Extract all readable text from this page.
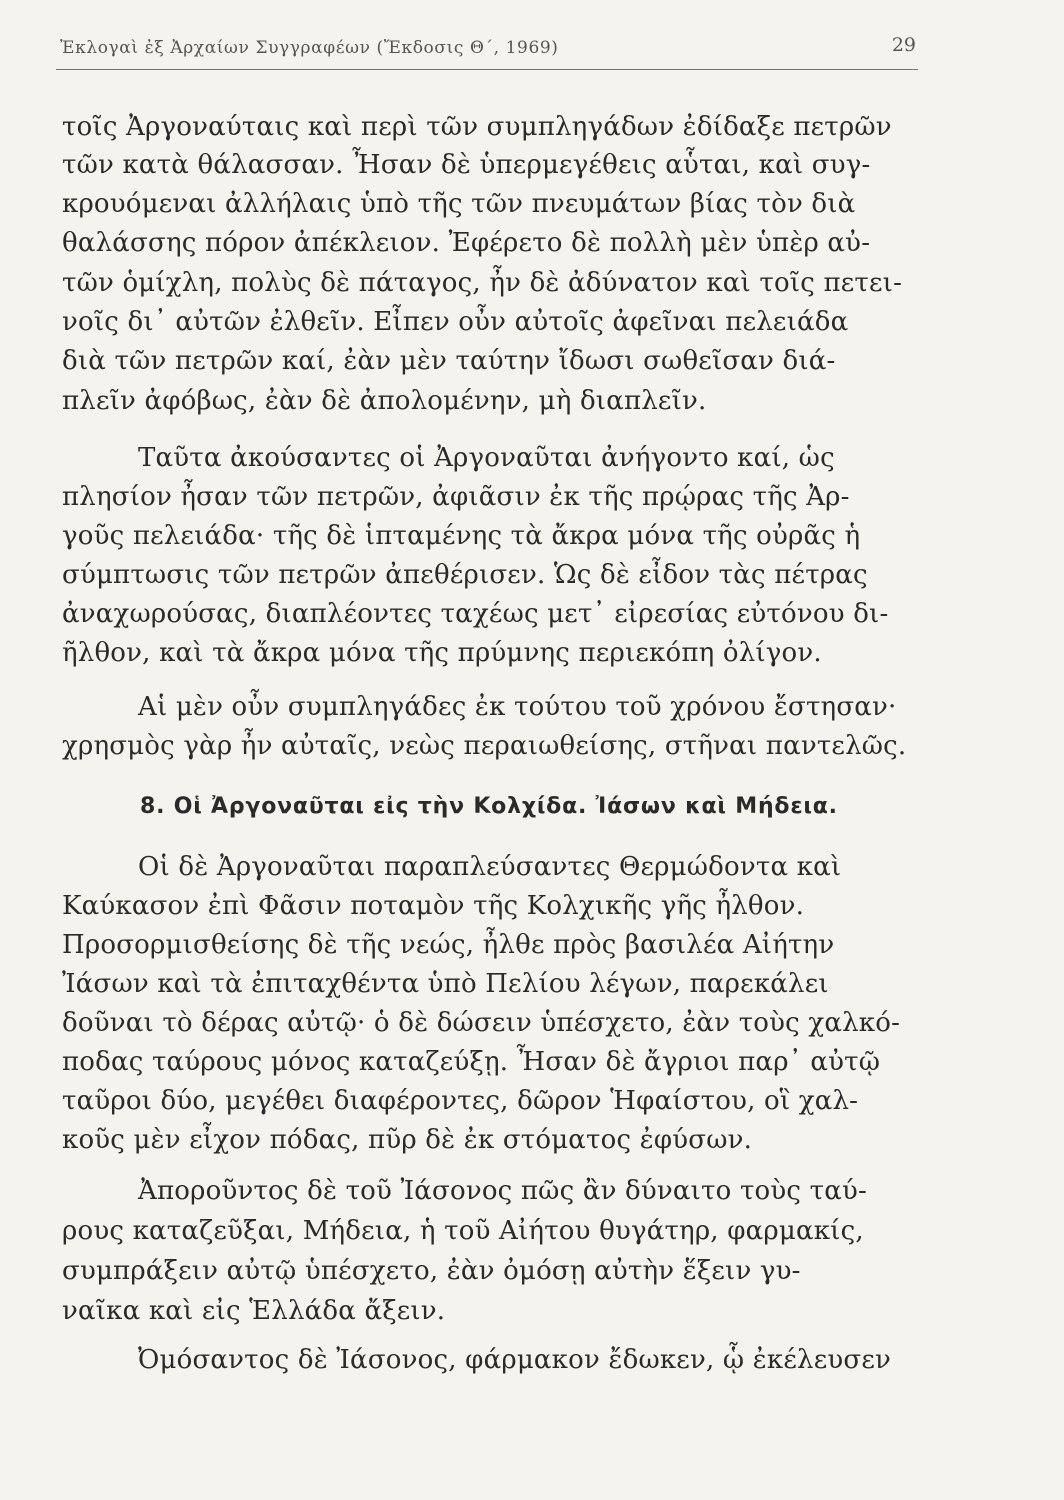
Ἐκλογαὶ ἐξ Ἀρχαίων Συγγραφέων (Ἔκδοσις Θ΄, 1969)	29
τοῖς Ἀργοναύταις καὶ περὶ τῶν συμπληγάδων ἐδίδαξε πετρῶν
τῶν κατὰ θάλασσαν. Ἦσαν δὲ ὑπερμεγέθεις αὗται, καὶ συγ-
κρουόμεναι ἀλλήλαις ὑπὸ τῆς τῶν πνευμάτων βίας τὸν διὰ
θαλάσσης πόρον ἀπέκλειον. Ἐφέρετο δὲ πολλὴ μὲν ὑπὲρ αὐ-
τῶν ὁμίχλη, πολὺς δὲ πάταγος, ἦν δὲ ἀδύνατον καὶ τοῖς πετει-
νοῖς δι᾽ αὐτῶν ἐλθεῖν. Εἶπεν οὖν αὐτοῖς ἀφεῖναι πελειάδα
διὰ τῶν πετρῶν καί, ἐὰν μὲν ταύτην ἴδωσι σωθεῖσαν διά-
πλεῖν ἀφόβως, ἐὰν δὲ ἀπολομένην, μὴ διαπλεῖν.
Ταῦτα ἀκούσαντες οἱ Ἀργοναῦται ἀνήγοντο καί, ὡς
πλησίον ἦσαν τῶν πετρῶν, ἀφιᾶσιν ἐκ τῆς πρῴρας τῆς Ἀρ-
γοῦς πελειάδα· τῆς δὲ ἱπταμένης τὰ ἄκρα μόνα τῆς οὐρᾶς ἡ
σύμπτωσις τῶν πετρῶν ἀπεθέρισεν. Ὡς δὲ εἶδον τὰς πέτρας
ἀναχωρούσας, διαπλέοντες ταχέως μετ᾽ εἰρεσίας εὐτόνου δι-
ῆλθον, καὶ τὰ ἄκρα μόνα τῆς πρύμνης περιεκόπη ὀλίγον.
Αἱ μὲν οὖν συμπληγάδες ἐκ τούτου τοῦ χρόνου ἔστησαν·
χρησμὸς γὰρ ἦν αὐταῖς, νεὼς περαιωθείσης, στῆναι παντελῶς.
8. Οἱ Ἀργοναῦται εἰς τὴν Κολχίδα. Ἰάσων καὶ Μήδεια.
Οἱ δὲ Ἀργοναῦται παραπλεύσαντες Θερμώδοντα καὶ
Καύκασον ἐπὶ Φᾶσιν ποταμὸν τῆς Κολχικῆς γῆς ἦλθον.
Προσορμισθείσης δὲ τῆς νεώς, ἦλθε πρὸς βασιλέα Αἰήτην
Ἰάσων καὶ τὰ ἐπιταχθέντα ὑπὸ Πελίου λέγων, παρεκάλει
δοῦναι τὸ δέρας αὐτῷ· ὁ δὲ δώσειν ὑπέσχετο, ἐὰν τοὺς χαλκό-
ποδας ταύρους μόνος καταζεύξῃ. Ἦσαν δὲ ἄγριοι παρ᾽ αὐτῷ
ταῦροι δύο, μεγέθει διαφέροντες, δῶρον Ἡφαίστου, οἳ χαλ-
κοῦς μὲν εἶχον πόδας, πῦρ δὲ ἐκ στόματος ἐφύσων.
Ἀποροῦντος δὲ τοῦ Ἰάσονος πῶς ἂν δύναιτο τοὺς ταύ-
ρους καταζεῦξαι, Μήδεια, ἡ τοῦ Αἰήτου θυγάτηρ, φαρμακίς,
συμπράξειν αὐτῷ ὑπέσχετο, ἐὰν ὀμόσῃ αὐτὴν ἕξειν γυ-
ναῖκα καὶ εἰς Ἑλλάδα ἄξειν.
Ὀμόσαντος δὲ Ἰάσονος, φάρμακον ἔδωκεν, ᾧ ἐκέλευσεν
